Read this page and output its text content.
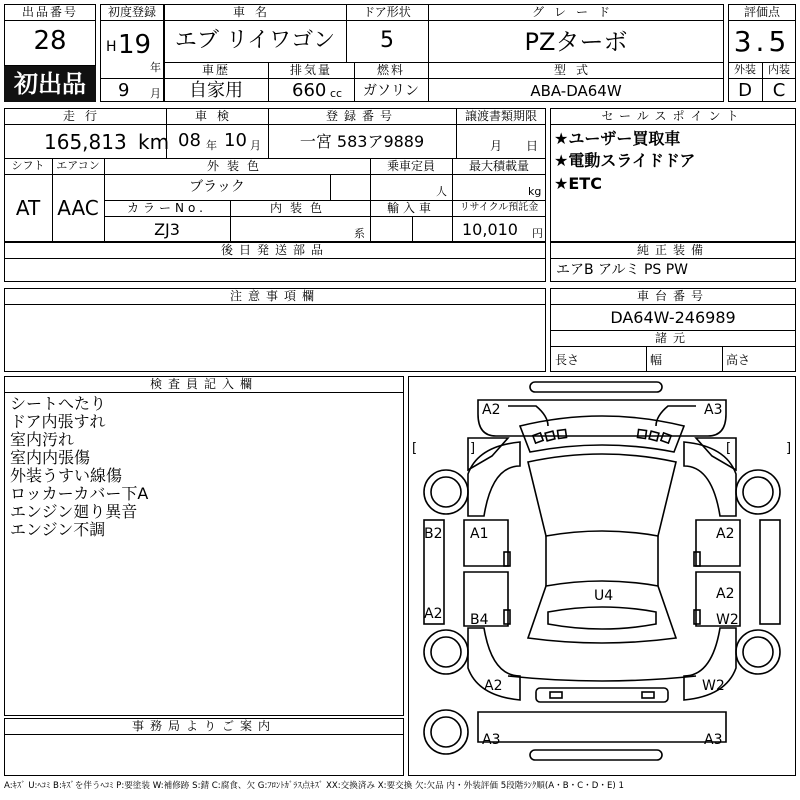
出品番号
28
初出品
初度登録
H 19
年
9 月
車名
エブ リイワゴン
ドア形状
5
グレード
PZターボ
車歴
自家用
排気量
660 cc
燃料
ガソリン
型式
ABA-DA64W
評価点
3.5
外装	内装
D	C
走行
165,813 km
車検
08 年 10 月
登録番号
一宮 583ア9889
譲渡書類期限
月 日
シフト
AT
エアコン
AAC
外装色
ブラック
乗車定員
人
最大積載量
kg
カラーNo.
ZJ3
内装色
系
輸入車	リサイクル預託金
10,010 円
後日発送部品
セールスポイント
★ユーザー買取車
★電動スライドドア
★ETC
純正装備
エアB アルミ PS PW
注意事項欄	車台番号
DA64W-246989
諸元
長さ	幅	高さ
検査員記入欄
シートへたり
ドア内張すれ
室内汚れ
室内内張傷
外装うすい線傷
ロッカーカバー下A
エンジン廻り異音
エンジン不調
事務局よりご案内
A2	A3
B2 A1	A2
A2
U4
A2 B4	W2
A2	W2
A3	A3
[	]	[	]
A:ｷｽﾞ U:ﾍｺﾐ B:ｷｽﾞを伴うﾍｺﾐ P:要塗装 W:補修跡 S:錆 C:腐食、欠 G:ﾌﾛﾝﾄｶﾞﾗｽ点ｷｽﾞ XX:交換済み X:要交換 欠:欠品 内・外装評価 5段階ﾗﾝｸ順(A・B・C・D・E) 1
